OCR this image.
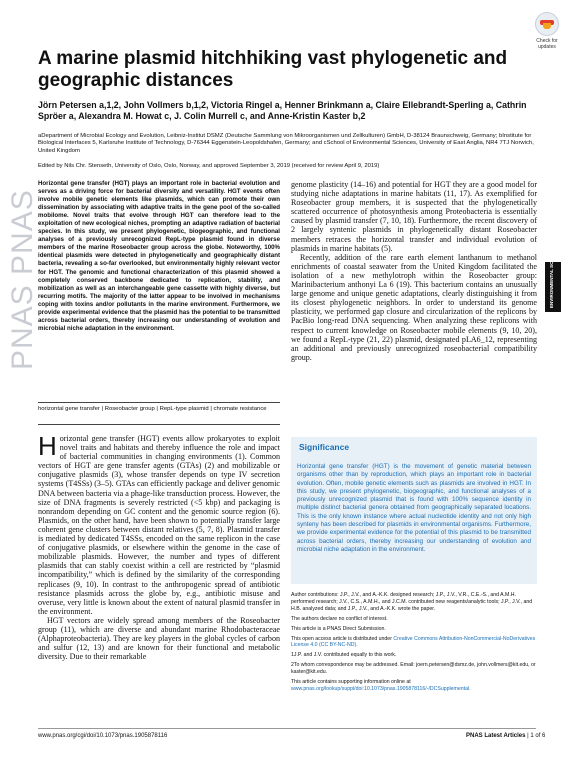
PNAS PNAS
Check for updates
A marine plasmid hitchhiking vast phylogenetic and geographic distances
Jörn Petersen a,1,2, John Vollmers b,1,2, Victoria Ringel a, Henner Brinkmann a, Claire Ellebrandt-Sperling a, Cathrin Spröer a, Alexandra M. Howat c, J. Colin Murrell c, and Anne-Kristin Kaster b,2
aDepartment of Microbial Ecology and Evolution, Leibniz-Institut DSMZ (Deutsche Sammlung von Mikroorganismen und Zellkulturen) GmbH, D-38124 Braunschweig, Germany; bInstitute for Biological Interfaces 5, Karlsruhe Institute of Technology, D-76344 Eggenstein-Leopoldshafen, Germany; and cSchool of Environmental Sciences, University of East Anglia, NR4 7TJ Norwich, United Kingdom
Edited by Nils Chr. Stenseth, University of Oslo, Oslo, Norway, and approved September 3, 2019 (received for review April 9, 2019)
Horizontal gene transfer (HGT) plays an important role in bacterial evolution and serves as a driving force for bacterial diversity and versatility. HGT events often involve mobile genetic elements like plasmids, which can promote their own dissemination by associating with adaptive traits in the gene pool of the so-called mobilome. Novel traits that evolve through HGT can therefore lead to the exploitation of new ecological niches, prompting an adaptive radiation of bacterial species. In this study, we present phylogenetic, biogeographic, and functional analyses of a previously unrecognized RepL-type plasmid found in diverse members of the marine Roseobacter group across the globe. Noteworthy, 100% identical plasmids were detected in phylogenetically and geographically distant bacteria, revealing a so-far overlooked, but environmentally highly relevant vector for HGT. The genomic and functional characterization of this plasmid showed a completely conserved backbone dedicated to replication, stability, and mobilization as well as an interchangeable gene cassette with highly diverse, but recurring motifs. The majority of the latter appear to be involved in mechanisms coping with toxins and/or pollutants in the marine environment. Furthermore, we provide experimental evidence that the plasmid has the potential to be transmitted across bacterial orders, thereby increasing our understanding of evolution and microbial niche adaptation in the environment.
horizontal gene transfer | Roseobacter group | RepL-type plasmid | chromate resistance
H orizontal gene transfer (HGT) events allow prokaryotes to exploit novel traits and habitats and thereby influence the role and impact of bacterial communities in changing environments (1). Common vectors of HGT are gene transfer agents (GTAs) (2) and mobilizable or conjugative plasmids (3), whose transfer depends on type IV secretion systems (T4SSs) (3–5). GTAs can efficiently package and deliver genomic DNA between bacteria via a phage-like transduction process. However, the size of DNA fragments is severely restricted (<5 kbp) and packaging is nonrandom depending on GC content and the genomic source region (6). Plasmids, on the other hand, have been shown to potentially transfer large coherent gene clusters between distant relatives (5, 7, 8). Plasmid transfer is mediated by dedicated T4SSs, encoded on the same replicon in the case of conjugative plasmids, or elsewhere within the genome in the case of mobilizable plasmids. However, the number and types of different plasmids that can stably coexist within a cell are restricted by “plasmid incompatibility,” which is defined by the similarity of the corresponding replicases (9, 10). In contrast to the anthropogenic spread of antibiotic resistance plasmids across the globe by, e.g., antibiotic misuse and overuse, very little is known about the extent of natural plasmid transfer in the environment.

HGT vectors are widely spread among members of the Roseobacter group (11), which are diverse and abundant marine Rhodobacteraceae (Alphaproteobacteria). They are key players in the global cycles of carbon and sulfur (12, 13) and are known for their functional and metabolic diversity. Due to their remarkable

genome plasticity (14–16) and potential for HGT they are a good model for studying niche adaptations in marine habitats (11, 17). As exemplified for Roseobacter group members, it is suspected that the phylogenetically scattered occurrence of photosynthesis among Proteobacteria is essentially caused by plasmid transfer (7, 10, 18). Furthermore, the recent discovery of 2 largely syntenic plasmids in phylogenetically distant Roseobacter members retraces the horizontal transfer and individual evolution of plasmids in marine habitats (5).

Recently, addition of the rare earth element lanthanum to methanol enrichments of coastal seawater from the United Kingdom facilitated the isolation of a new methylotroph within the Roseobacter group: Marinibacterium anthonyi La 6 (19). This bacterium contains an unusually large genome and unique genetic adaptations, clearly distinguishing it from its closest phylogenetic neighbors. In order to understand its genome plasticity, we performed gap closure and circularization of the replicons by PacBio long-read DNA sequencing. When analyzing these replicons with respect to current knowledge on Roseobacter mobile elements (9, 10, 20), we found a RepL-type (21, 22) plasmid, designated pLA6_12, representing an additional and previously unrecognized roseobacterial compatibility group.

Significance
Horizontal gene transfer (HGT) is the movement of genetic material between organisms other than by reproduction, which plays an important role in bacterial evolution. Often, mobile genetic elements such as plasmids are involved in HGT. In this study, we present phylogenetic, biogeographic, and functional analyses of a previously unrecognized plasmid that is found with 100% sequence identity in multiple distinct bacterial genera obtained from geographically separated locations. This is the only known instance where actual nucleotide identity and not only high synteny has been described for plasmids in environmental organisms. Furthermore, we provide experimental evidence for the potential of this plasmid to be transmitted across bacterial orders, thereby increasing our understanding of evolution and microbial niche adaptation in the environment.

Author contributions: J.P., J.V., and A.-K.K. designed research; J.P., J.V., V.R., C.E.-S., and A.M.H. performed research; J.V., C.S., A.M.H., and J.C.M. contributed new reagents/analytic tools; J.P., J.V., and H.B. analyzed data; and J.P., J.V., and A.-K.K. wrote the paper.

The authors declare no conflict of interest.

This article is a PNAS Direct Submission.

This open access article is distributed under Creative Commons Attribution-NonCommercial-NoDerivatives License 4.0 (CC BY-NC-ND).

1J.P. and J.V. contributed equally to this work.

2To whom correspondence may be addressed. Email: joern.petersen@dsmz.de, john.vollmers@kit.edu, or kaster@kit.edu.

This article contains supporting information online at www.pnas.org/lookup/suppl/doi:10.1073/pnas.1905878116/-/DCSupplemental.

ENVIRONMENTAL SCIENCES
www.pnas.org/cgi/doi/10.1073/pnas.1905878116	PNAS Latest Articles | 1 of 6
